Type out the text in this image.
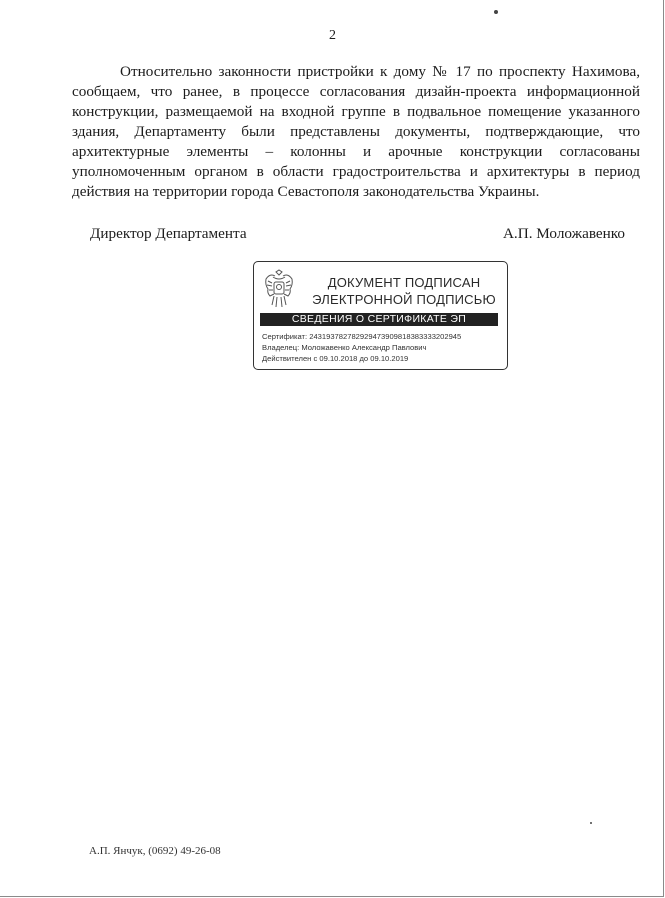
2

Относительно законности пристройки к дому № 17 по проспекту Нахимова, сообщаем, что ранее, в процессе согласования дизайн-проекта информационной конструкции, размещаемой на входной группе в подвальное помещение указанного здания, Департаменту были представлены документы, подтверждающие, что архитектурные элементы – колонны и арочные конструкции согласованы уполномоченным органом в области градостроительства и архитектуры в период действия на территории города Севастополя законодательства Украины.

Директор Департамента	А.П. Моложавенко
ДОКУМЕНТ ПОДПИСАН
ЭЛЕКТРОННОЙ ПОДПИСЬЮ
СВЕДЕНИЯ О СЕРТИФИКАТЕ ЭП
Сертификат: 243193782782929473909818383333202945
Владелец: Моложавенко Александр Павлович
Действителен с 09.10.2018 до 09.10.2019
А.П. Янчук, (0692) 49-26-08
